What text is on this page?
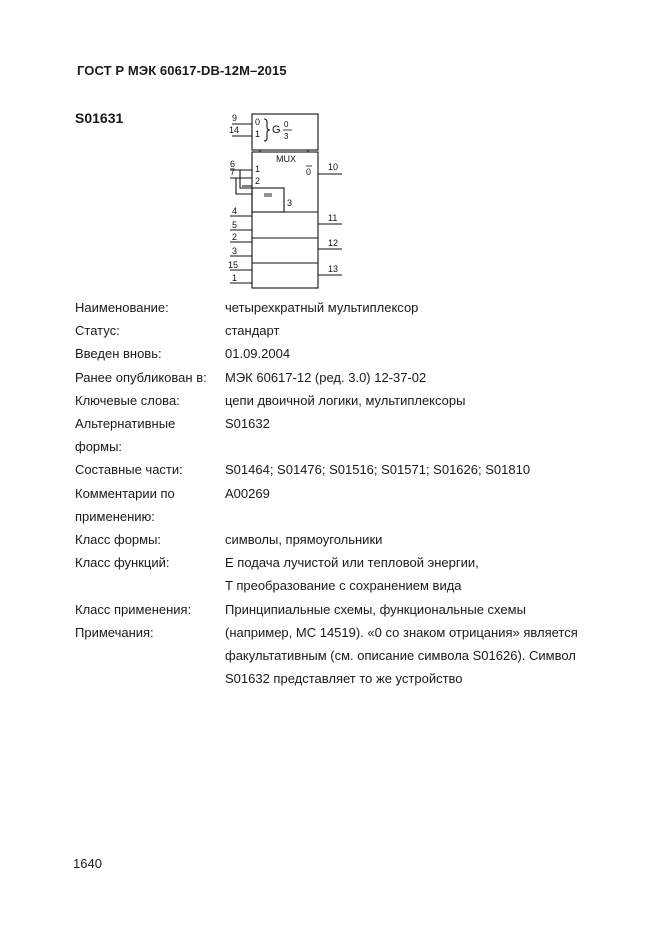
ГОСТ Р МЭК 60617-DB-12M–2015
S01631	9
14
0
1 G 0
3
MUX
6
7 1
2
3
0 10
4
5
11
2
3
12
15
1
13
Наименование:	четырехкратный мультиплексор
Статус:	стандарт
Введен вновь:	01.09.2004
Ранее опубликован в:	МЭК 60617-12 (ред. 3.0) 12-37-02
Ключевые слова:	цепи двоичной логики, мультиплексоры
Альтернативные формы:
S01632
Составные части:	S01464; S01476; S01516; S01571; S01626; S01810
Комментарии по применению:
A00269
Класс формы:	символы, прямоугольники
Класс функций:	E подача лучистой или тепловой энергии,
T преобразование с сохранением вида
Класс применения:	Принципиальные схемы, функциональные схемы
Примечания:	(например, МС 14519). «0 со знаком отрицания» является
факультативным (см. описание символа S01626). Символ
S01632 представляет то же устройство
1640
